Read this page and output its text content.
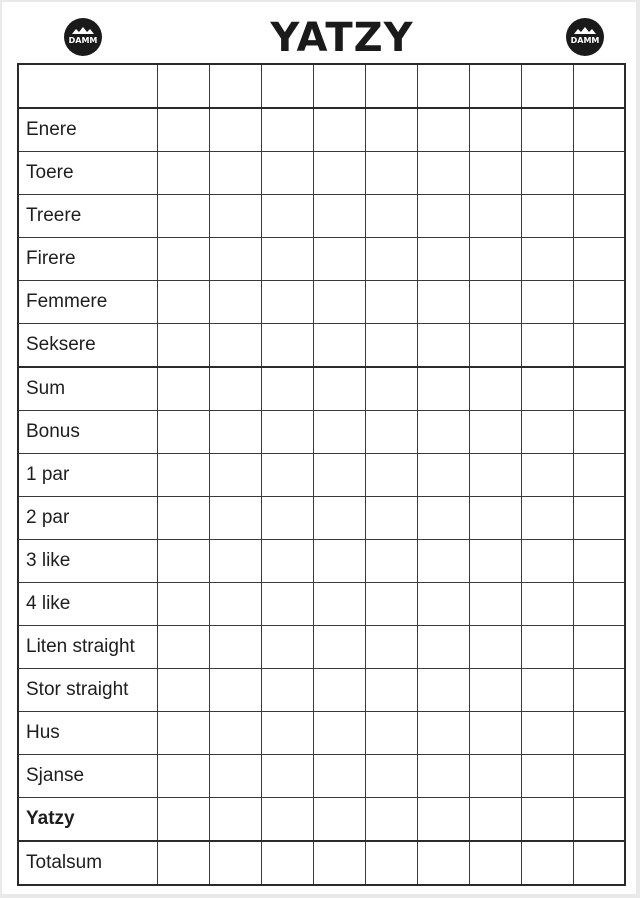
DAMM	YATZY	DAMM

Enere									
Toere									
Treere									
Firere									
Femmere									
Seksere									
Sum									
Bonus									
1 par									
2 par									
3 like									
4 like									
Liten straight									
Stor straight									
Hus									
Sjanse									
Yatzy									
Totalsum									
